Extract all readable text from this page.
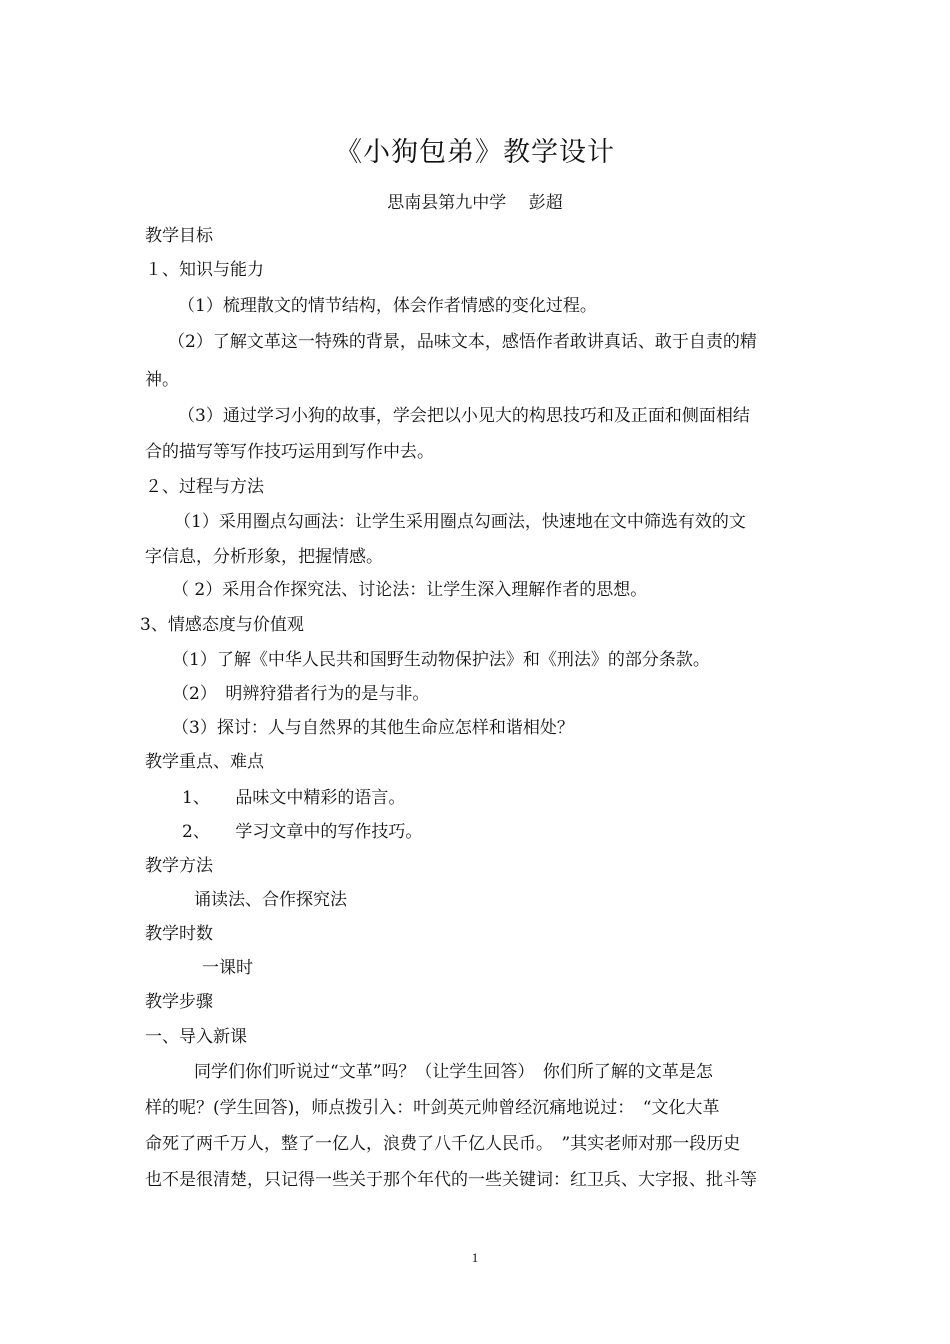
《小狗包弟》教学设计
思南县第九中学　 彭超
教学目标
１、知识与能力
（1）梳理散文的情节结构，体会作者情感的变化过程。
（2）了解文革这一特殊的背景，品味文本，感悟作者敢讲真话、敢于自责的精
神。
（3）通过学习小狗的故事，学会把以小见大的构思技巧和及正面和侧面相结
合的描写等写作技巧运用到写作中去。
２、过程与方法
（1）采用圈点勾画法：让学生采用圈点勾画法，快速地在文中筛选有效的文
字信息，分析形象，把握情感。
（ 2）采用合作探究法、讨论法：让学生深入理解作者的思想。
3、情感态度与价值观
（1）了解《中华人民共和国野生动物保护法》和《刑法》的部分条款。
（2）　明辨狩猎者行为的是与非。
（3）探讨：人与自然界的其他生命应怎样和谐相处？
教学重点、难点
1、　　品味文中精彩的语言。
2、　　学习文章中的写作技巧。
教学方法
诵读法、合作探究法
教学时数
一课时
教学步骤
一、导入新课
同学们你们听说过“文革”吗？（让学生回答）　你们所了解的文革是怎
样的呢？(学生回答)，师点拨引入：叶剑英元帅曾经沉痛地说过：　“文化大革
命死了两千万人，整了一亿人，浪费了八千亿人民币。　”其实老师对那一段历史
也不是很清楚，只记得一些关于那个年代的一些关键词：红卫兵、大字报、批斗等
1
